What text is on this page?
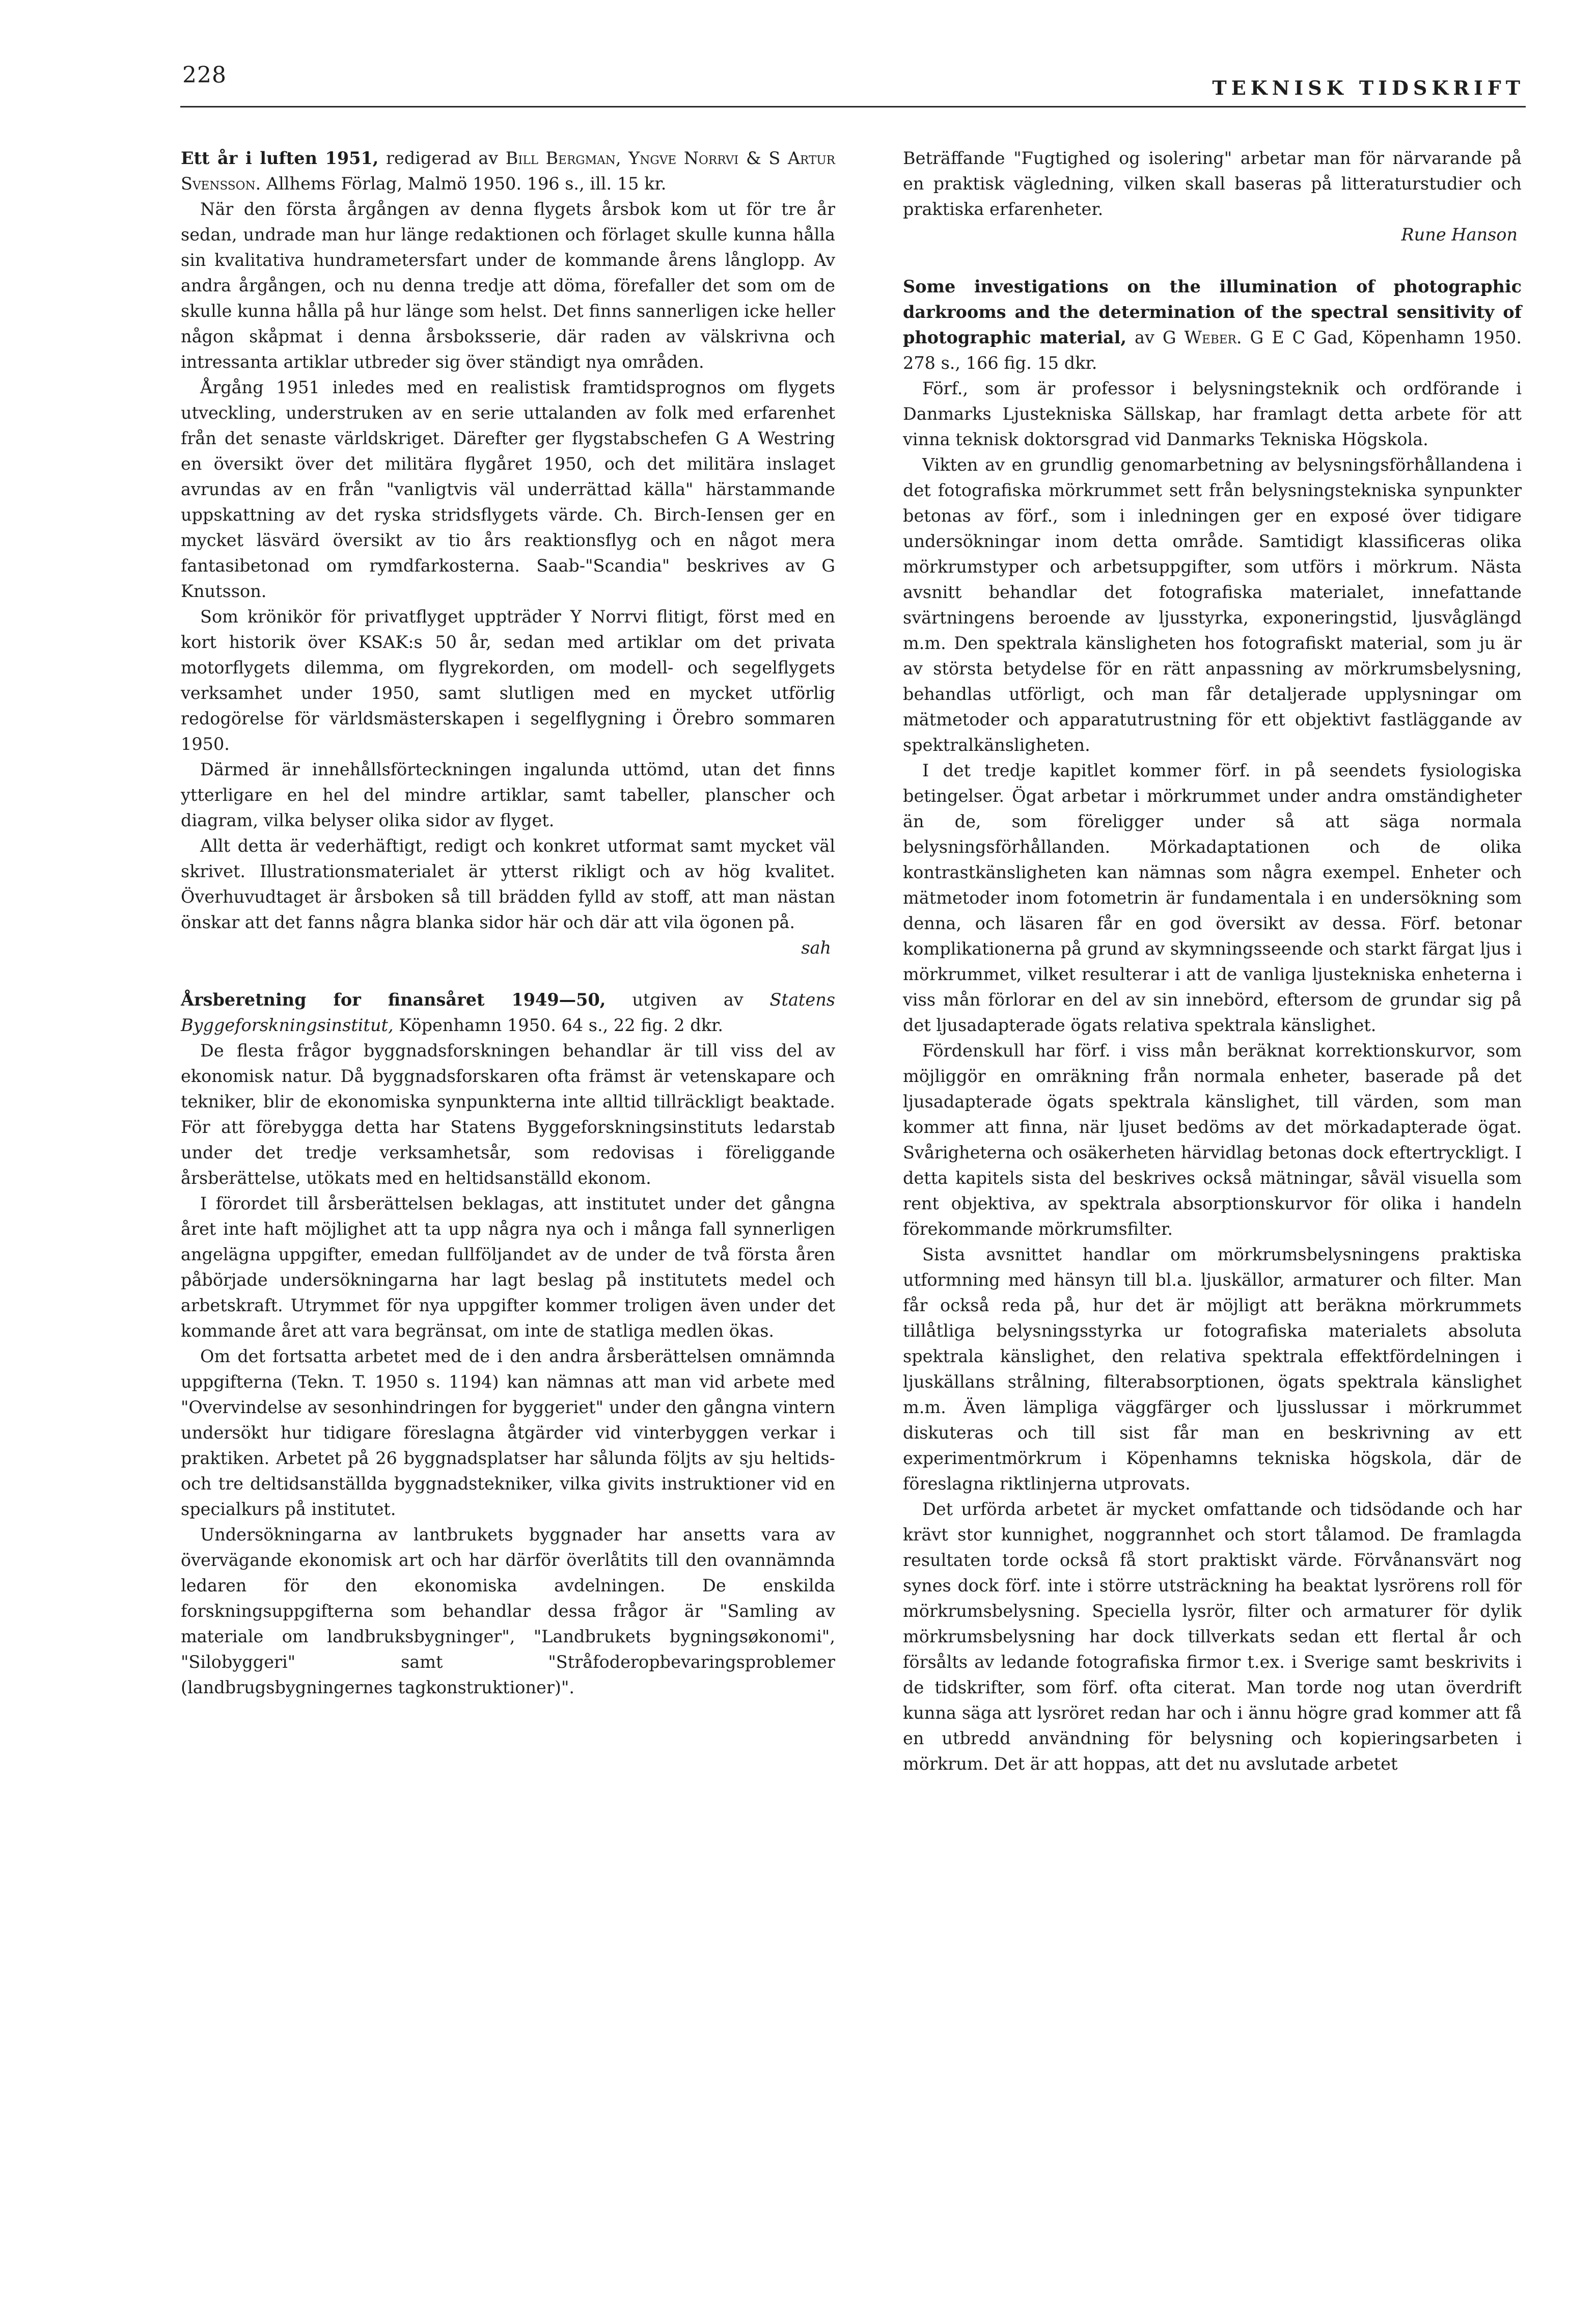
228	TEKNISK TIDSKRIFT

Ett år i luften 1951, redigerad av Bill Bergman, Yngve Norrvi & S Artur Svensson. Allhems Förlag, Malmö 1950. 196 s., ill. 15 kr.

När den första årgången av denna flygets årsbok kom ut för tre år sedan, undrade man hur länge redaktionen och förlaget skulle kunna hålla sin kvalitativa hundrametersfart under de kommande årens långlopp. Av andra årgången, och nu denna tredje att döma, förefaller det som om de skulle kunna hålla på hur länge som helst. Det finns sannerligen icke heller någon skåpmat i denna årsboksserie, där raden av välskrivna och intressanta artiklar utbreder sig över ständigt nya områden.

Årgång 1951 inledes med en realistisk framtidsprognos om flygets utveckling, understruken av en serie uttalanden av folk med erfarenhet från det senaste världskriget. Därefter ger flygstabschefen G A Westring en översikt över det militära flygåret 1950, och det militära inslaget avrundas av en från "vanligtvis väl underrättad källa" härstammande uppskattning av det ryska stridsflygets värde. Ch. Birch-Iensen ger en mycket läsvärd översikt av tio års reaktionsflyg och en något mera fantasibetonad om rymdfarkosterna. Saab-"Scandia" beskrives av G Knutsson.

Som krönikör för privatflyget uppträder Y Norrvi flitigt, först med en kort historik över KSAK:s 50 år, sedan med artiklar om det privata motorflygets dilemma, om flygrekorden, om modell- och segelflygets verksamhet under 1950, samt slutligen med en mycket utförlig redogörelse för världsmästerskapen i segelflygning i Örebro sommaren 1950.

Därmed är innehållsförteckningen ingalunda uttömd, utan det finns ytterligare en hel del mindre artiklar, samt tabeller, planscher och diagram, vilka belyser olika sidor av flyget.

Allt detta är vederhäftigt, redigt och konkret utformat samt mycket väl skrivet. Illustrationsmaterialet är ytterst rikligt och av hög kvalitet. Överhuvudtaget är årsboken så till brädden fylld av stoff, att man nästan önskar att det fanns några blanka sidor här och där att vila ögonen på.

sah

Årsberetning for finansåret 1949—50, utgiven av Statens Byggeforskningsinstitut, Köpenhamn 1950. 64 s., 22 fig. 2 dkr.

De flesta frågor byggnadsforskningen behandlar är till viss del av ekonomisk natur. Då byggnadsforskaren ofta främst är vetenskapare och tekniker, blir de ekonomiska synpunkterna inte alltid tillräckligt beaktade. För att förebygga detta har Statens Byggeforskningsinstituts ledarstab under det tredje verksamhetsår, som redovisas i föreliggande årsberättelse, utökats med en heltidsanställd ekonom.

I förordet till årsberättelsen beklagas, att institutet under det gångna året inte haft möjlighet att ta upp några nya och i många fall synnerligen angelägna uppgifter, emedan fullföljandet av de under de två första åren påbörjade undersökningarna har lagt beslag på institutets medel och arbetskraft. Utrymmet för nya uppgifter kommer troligen även under det kommande året att vara begränsat, om inte de statliga medlen ökas.

Om det fortsatta arbetet med de i den andra årsberättelsen omnämnda uppgifterna (Tekn. T. 1950 s. 1194) kan nämnas att man vid arbete med "Overvindelse av sesonhindringen for byggeriet" under den gångna vintern undersökt hur tidigare föreslagna åtgärder vid vinterbyggen verkar i praktiken. Arbetet på 26 byggnadsplatser har sålunda följts av sju heltids- och tre deltidsanställda byggnadstekniker, vilka givits instruktioner vid en specialkurs på institutet.

Undersökningarna av lantbrukets byggnader har ansetts vara av övervägande ekonomisk art och har därför överlåtits till den ovannämnda ledaren för den ekonomiska avdelningen. De enskilda forskningsuppgifterna som behandlar dessa frågor är "Samling av materiale om landbruksbygninger", "Landbrukets bygningsøkonomi", "Silobyggeri" samt "Stråfoderopbevaringsproblemer (landbrugsbygningernes tagkonstruktioner)".

Beträffande "Fugtighed og isolering" arbetar man för närvarande på en praktisk vägledning, vilken skall baseras på litteraturstudier och praktiska erfarenheter.

Rune Hanson

Some investigations on the illumination of photographic darkrooms and the determination of the spectral sensitivity of photographic material, av G Weber. G E C Gad, Köpenhamn 1950. 278 s., 166 fig. 15 dkr.

Förf., som är professor i belysningsteknik och ordförande i Danmarks Ljustekniska Sällskap, har framlagt detta arbete för att vinna teknisk doktorsgrad vid Danmarks Tekniska Högskola.

Vikten av en grundlig genomarbetning av belysningsförhållandena i det fotografiska mörkrummet sett från belysningstekniska synpunkter betonas av förf., som i inledningen ger en exposé över tidigare undersökningar inom detta område. Samtidigt klassificeras olika mörkrumstyper och arbetsuppgifter, som utförs i mörkrum. Nästa avsnitt behandlar det fotografiska materialet, innefattande svärtningens beroende av ljusstyrka, exponeringstid, ljusvåglängd m.m. Den spektrala känsligheten hos fotografiskt material, som ju är av största betydelse för en rätt anpassning av mörkrumsbelysning, behandlas utförligt, och man får detaljerade upplysningar om mätmetoder och apparatutrustning för ett objektivt fastläggande av spektralkänsligheten.

I det tredje kapitlet kommer förf. in på seendets fysiologiska betingelser. Ögat arbetar i mörkrummet under andra omständigheter än de, som föreligger under så att säga normala belysningsförhållanden. Mörkadaptationen och de olika kontrastkänsligheten kan nämnas som några exempel. Enheter och mätmetoder inom fotometrin är fundamentala i en undersökning som denna, och läsaren får en god översikt av dessa. Förf. betonar komplikationerna på grund av skymningsseende och starkt färgat ljus i mörkrummet, vilket resulterar i att de vanliga ljustekniska enheterna i viss mån förlorar en del av sin innebörd, eftersom de grundar sig på det ljusadapterade ögats relativa spektrala känslighet.

Fördenskull har förf. i viss mån beräknat korrektionskurvor, som möjliggör en omräkning från normala enheter, baserade på det ljusadapterade ögats spektrala känslighet, till värden, som man kommer att finna, när ljuset bedöms av det mörkadapterade ögat. Svårigheterna och osäkerheten härvidlag betonas dock eftertryckligt. I detta kapitels sista del beskrives också mätningar, såväl visuella som rent objektiva, av spektrala absorptionskurvor för olika i handeln förekommande mörkrumsfilter.

Sista avsnittet handlar om mörkrumsbelysningens praktiska utformning med hänsyn till bl.a. ljuskällor, armaturer och filter. Man får också reda på, hur det är möjligt att beräkna mörkrummets tillåtliga belysningsstyrka ur fotografiska materialets absoluta spektrala känslighet, den relativa spektrala effektfördelningen i ljuskällans strålning, filterabsorptionen, ögats spektrala känslighet m.m. Även lämpliga väggfärger och ljusslussar i mörkrummet diskuteras och till sist får man en beskrivning av ett experimentmörkrum i Köpenhamns tekniska högskola, där de föreslagna riktlinjerna utprovats.

Det urförda arbetet är mycket omfattande och tidsödande och har krävt stor kunnighet, noggrannhet och stort tålamod. De framlagda resultaten torde också få stort praktiskt värde. Förvånansvärt nog synes dock förf. inte i större utsträckning ha beaktat lysrörens roll för mörkrumsbelysning. Speciella lysrör, filter och armaturer för dylik mörkrumsbelysning har dock tillverkats sedan ett flertal år och försålts av ledande fotografiska firmor t.ex. i Sverige samt beskrivits i de tidskrifter, som förf. ofta citerat. Man torde nog utan överdrift kunna säga att lysröret redan har och i ännu högre grad kommer att få en utbredd användning för belysning och kopieringsarbeten i mörkrum. Det är att hoppas, att det nu avslutade arbetet
